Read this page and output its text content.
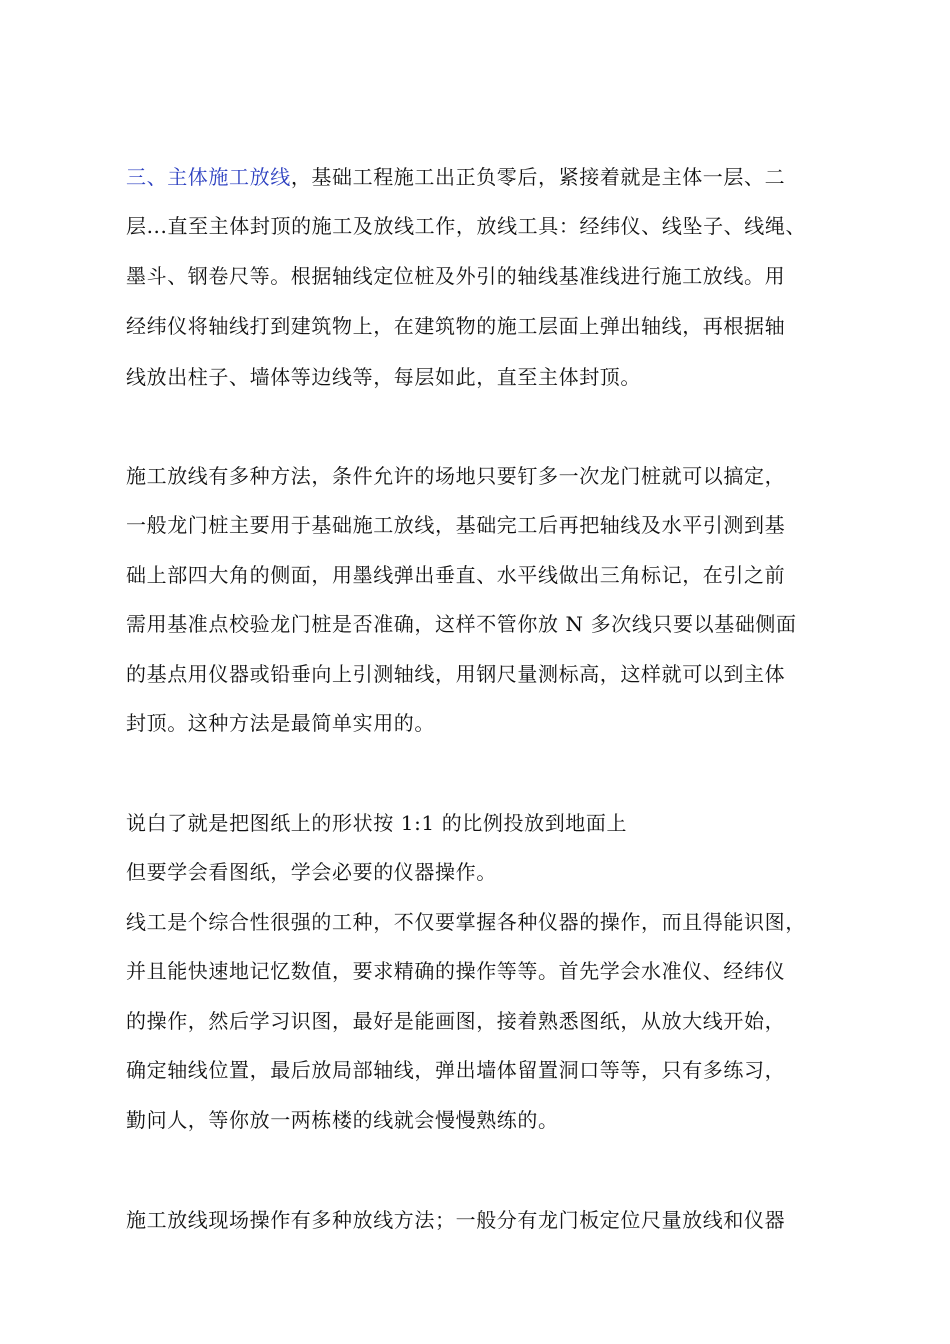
三、主体施工放线，基础工程施工出正负零后，紧接着就是主体一层、二
层...直至主体封顶的施工及放线工作，放线工具：经纬仪、线坠子、线绳、
墨斗、钢卷尺等。根据轴线定位桩及外引的轴线基准线进行施工放线。用
经纬仪将轴线打到建筑物上，在建筑物的施工层面上弹出轴线，再根据轴
线放出柱子、墙体等边线等，每层如此，直至主体封顶。
施工放线有多种方法，条件允许的场地只要钉多一次龙门桩就可以搞定，
一般龙门桩主要用于基础施工放线，基础完工后再把轴线及水平引测到基
础上部四大角的侧面，用墨线弹出垂直、水平线做出三角标记，在引之前
需用基准点校验龙门桩是否准确，这样不管你放 N 多次线只要以基础侧面
的基点用仪器或铅垂向上引测轴线，用钢尺量测标高，这样就可以到主体
封顶。这种方法是最简单实用的。
说白了就是把图纸上的形状按 1:1 的比例投放到地面上
但要学会看图纸，学会必要的仪器操作。
线工是个综合性很强的工种，不仅要掌握各种仪器的操作，而且得能识图，
并且能快速地记忆数值，要求精确的操作等等。首先学会水准仪、经纬仪
的操作，然后学习识图，最好是能画图，接着熟悉图纸，从放大线开始，
确定轴线位置，最后放局部轴线，弹出墙体留置洞口等等，只有多练习，
勤问人，等你放一两栋楼的线就会慢慢熟练的。
施工放线现场操作有多种放线方法；一般分有龙门板定位尺量放线和仪器
